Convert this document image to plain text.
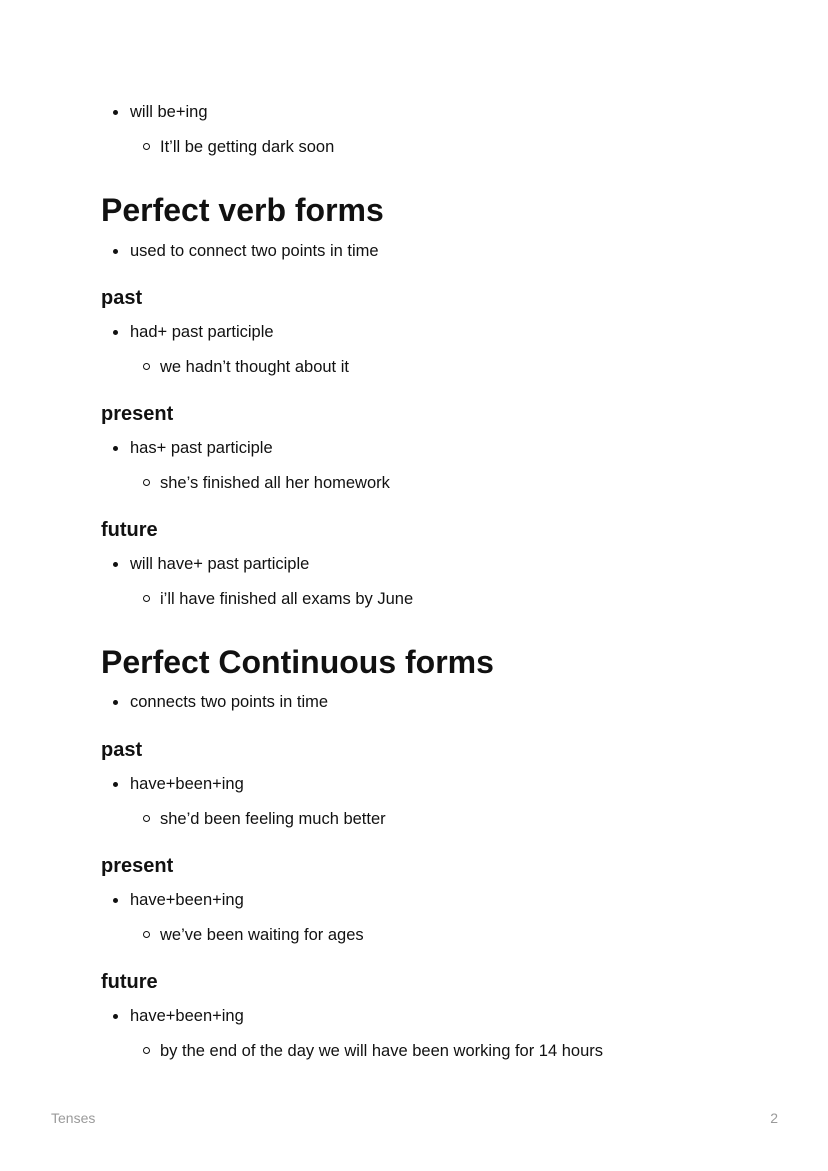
will be+ing
It’ll be getting dark soon
Perfect verb forms
used to connect two points in time
past
had+ past participle
we hadn’t thought about it
present
has+ past participle
she’s finished all her homework
future
will have+ past participle
i’ll have finished all exams by June
Perfect Continuous forms
connects two points in time
past
have+been+ing
she’d been feeling much better
present
have+been+ing
we’ve been waiting for ages
future
have+been+ing
by the end of the day we will have been working for 14 hours
Tenses	2
